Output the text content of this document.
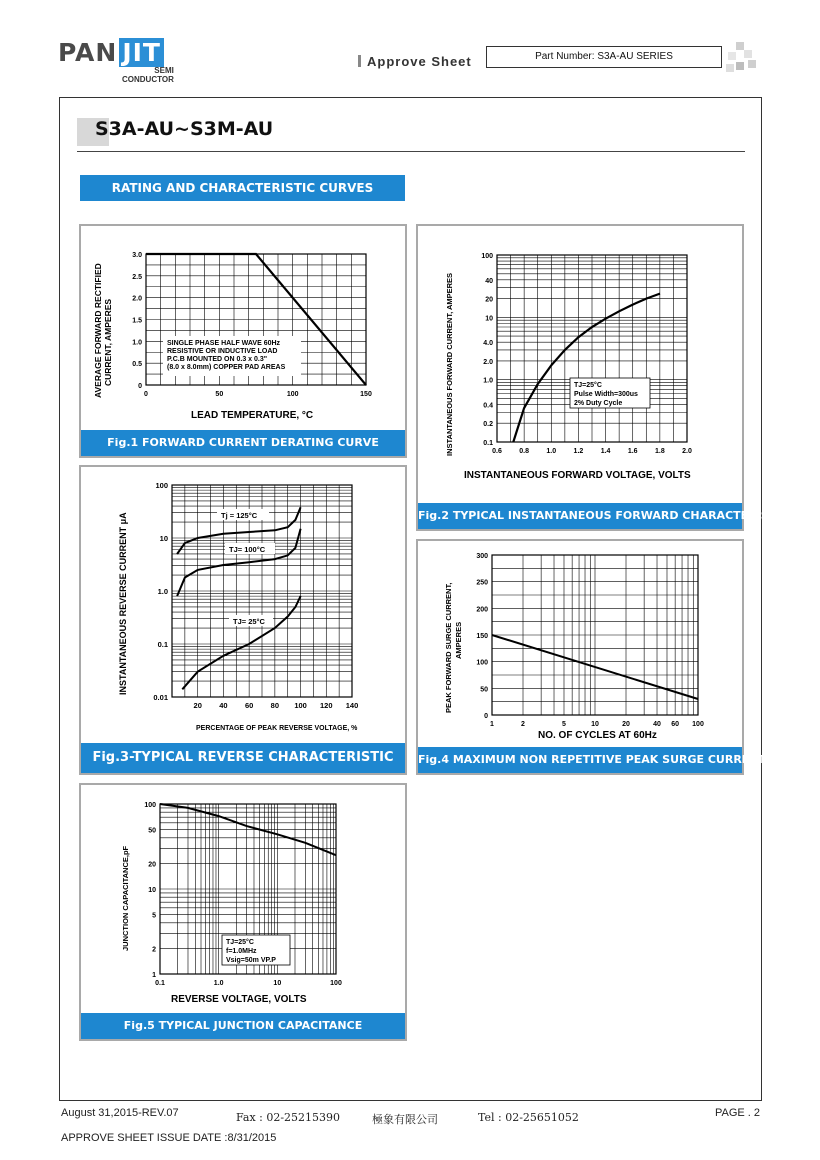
PAN JIT
SEMI
CONDUCTOR
Approve Sheet	Part Number: S3A-AU SERIES
S3A-AU~S3M-AU
RATING AND CHARACTERISTIC CURVES
SINGLE PHASE HALF WAVE 60Hz
RESISTIVE OR INDUCTIVE LOAD
P.C.B MOUNTED ON 0.3 x 0.3"
(8.0 x 8.0mm) COPPER PAD AREAS
3.0
2.5
2.0
1.5
1.0
0.5
0
0	50	100	150
LEAD TEMPERATURE, °C
AVERAGE FORWARD RECTIFIED CURRENT, AMPERES
Fig.1 FORWARD CURRENT DERATING CURVE
TJ=25°C
Pulse Width=300us
2% Duty Cycle
100
40
20
10
4.0
2.0
1.0
0.4
0.2
0.1
0.6 0.8 1.0 1.2 1.4 1.6 1.8 2.0
INSTANTANEOUS FORWARD VOLTAGE, VOLTS
INSTANTANEOUS FORWARD CURRENT, AMPERES
Fig.2 TYPICAL INSTANTANEOUS FORWARD CHARACTERISTICS
Tj = 125°C
TJ= 100°C
TJ= 25°C
100
10
1.0
0.1
0.01
20 40 60 80 100 120 140
PERCENTAGE OF PEAK REVERSE VOLTAGE, %
INSTANTANEOUS REVERSE CURRENT μA
Fig.3-TYPICAL REVERSE CHARACTERISTIC
300
250
200
150
100
50
0
1	2	5	10	20	40 60 100
NO. OF CYCLES AT 60Hz
PEAK FORWARD SURGE CURRENT, AMPERES
Fig.4 MAXIMUM NON REPETITIVE PEAK SURGE CURRENT
TJ=25°C
f=1.0MHz
Vsig=50m VP.P
100
50
20
10
5
2
1
0.1	1.0	10	100
REVERSE VOLTAGE, VOLTS
JUNCTION CAPACITANCE,pF
Fig.5 TYPICAL JUNCTION CAPACITANCE
August 31,2015-REV.07	Fax : 02-25215390	極象有限公司	Tel : 02-25651052	PAGE . 2
APPROVE SHEET ISSUE DATE :8/31/2015
